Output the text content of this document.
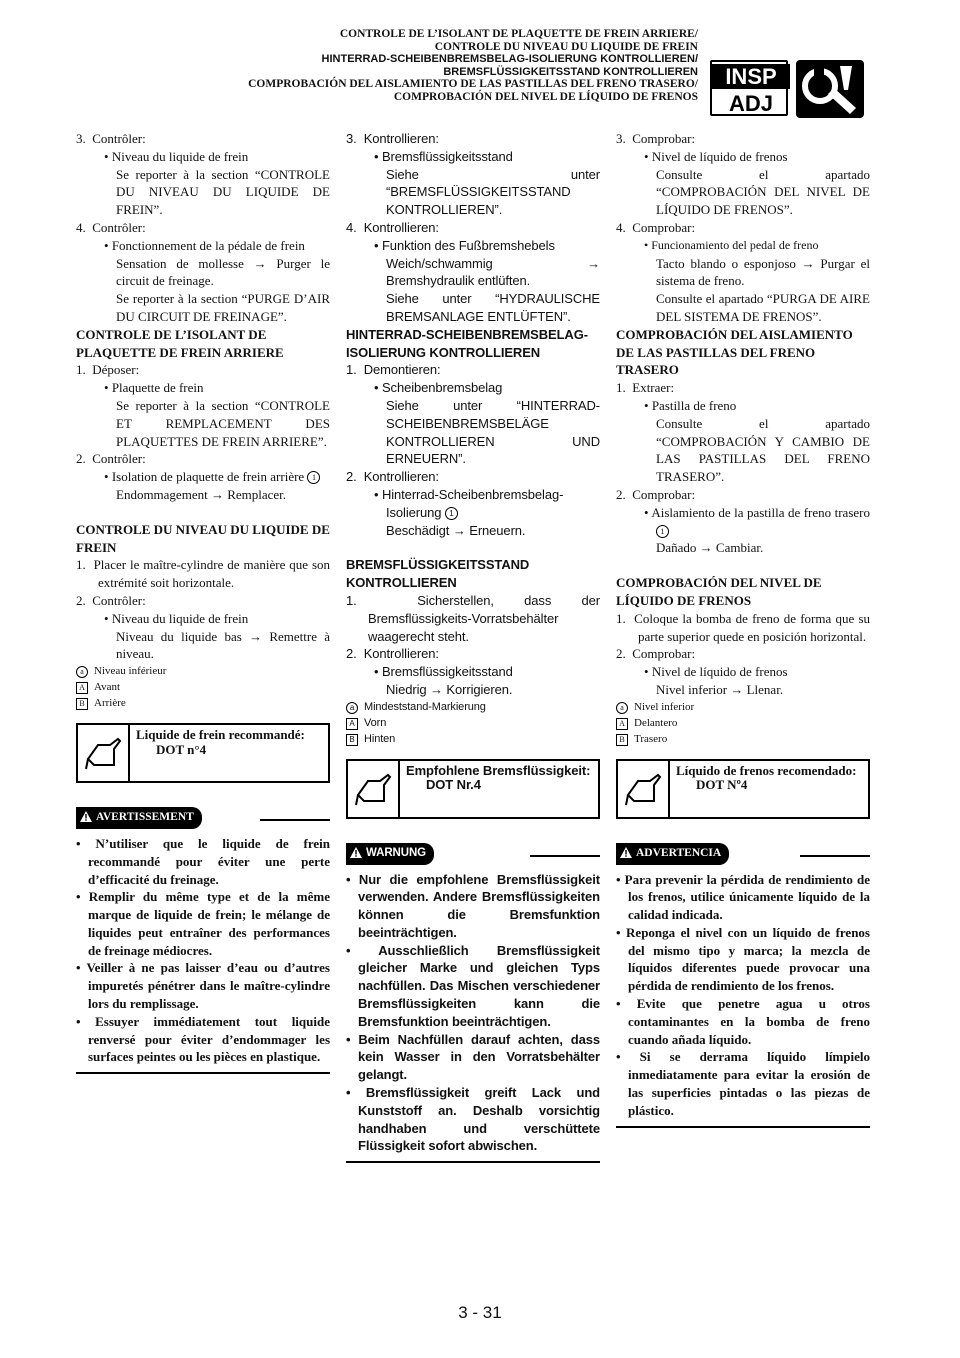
CONTROLE DE L’ISOLANT DE PLAQUETTE DE FREIN ARRIERE/
CONTROLE DU NIVEAU DU LIQUIDE DE FREIN
HINTERRAD-SCHEIBENBREMSBELAG-ISOLIERUNG KONTROLLIEREN/
BREMSFLÜSSIGKEITSSTAND KONTROLLIEREN
COMPROBACIÓN DEL AISLAMIENTO DE LAS PASTILLAS DEL FRENO TRASERO/
COMPROBACIÓN DEL NIVEL DE LÍQUIDO DE FRENOS
INSP
ADJ

3. Contrôler:

• Niveau du liquide de frein

Se reporter à la section “CONTROLE DU NIVEAU DU LIQUIDE DE FREIN”.

4. Contrôler:

• Fonctionnement de la pédale de frein

Sensation de mollesse → Purger le circuit de freinage.

Se reporter à la section “PURGE D’AIR DU CIRCUIT DE FREINAGE”.

CONTROLE DE L’ISOLANT DE PLAQUETTE DE FREIN ARRIERE

1. Déposer:

• Plaquette de frein

Se reporter à la section “CONTROLE ET REMPLACEMENT DES PLAQUETTES DE FREIN ARRIERE”.

2. Contrôler:

• Isolation de plaquette de frein arrière 1

Endommagement → Remplacer.

CONTROLE DU NIVEAU DU LIQUIDE DE FREIN

1. Placer le maître-cylindre de manière que son extrémité soit horizontale.

2. Contrôler:

• Niveau du liquide de frein

Niveau du liquide bas → Remettre à niveau.

a Niveau inférieur
A Avant
B Arrière
Liquide de frein recommandé:
DOT n°4
AVERTISSEMENT

• N’utiliser que le liquide de frein recommandé pour éviter une perte d’efficacité du freinage.

• Remplir du même type et de la même marque de liquide de frein; le mélange de liquides peut entraîner des performances de freinage médiocres.

• Veiller à ne pas laisser d’eau ou d’autres impuretés pénétrer dans le maître-cylindre lors du remplissage.

• Essuyer immédiatement tout liquide renversé pour éviter d’endommager les surfaces peintes ou les pièces en plastique.

3. Kontrollieren:

• Bremsflüssigkeitsstand

Siehe unter “BREMSFLÜSSIGKEITSSTAND KONTROLLIEREN”.

4. Kontrollieren:

• Funktion des Fußbremshebels

Weich/schwammig → Bremshydraulik entlüften.

Siehe unter “HYDRAULISCHE BREMSANLAGE ENTLÜFTEN”.

HINTERRAD-SCHEIBENBREMSBELAG-ISOLIERUNG KONTROLLIEREN

1. Demontieren:

• Scheibenbremsbelag

Siehe unter “HINTERRAD-SCHEIBENBREMSBELÄGE KONTROLLIEREN UND ERNEUERN”.

2. Kontrollieren:

• Hinterrad-Scheibenbremsbelag-Isolierung 1

Beschädigt → Erneuern.

BREMSFLÜSSIGKEITSSTAND KONTROLLIEREN

1.	Sicherstellen, dass der Bremsflüssigkeits-Vorratsbehälter waagerecht steht.

2. Kontrollieren:

• Bremsflüssigkeitsstand

Niedrig → Korrigieren.

a Mindeststand-Markierung
A Vorn
B Hinten
Empfohlene Bremsflüssigkeit:
DOT Nr.4
WARNUNG

• Nur die empfohlene Bremsflüssigkeit verwenden. Andere Bremsflüssigkeiten können die Bremsfunktion beeinträchtigen.

• Ausschließlich Bremsflüssigkeit gleicher Marke und gleichen Typs nachfüllen. Das Mischen verschiedener Bremsflüssigkeiten kann die Bremsfunktion beeinträchtigen.

• Beim Nachfüllen darauf achten, dass kein Wasser in den Vorratsbehälter gelangt.

• Bremsflüssigkeit greift Lack und Kunststoff an. Deshalb vorsichtig handhaben und verschüttete Flüssigkeit sofort abwischen.

3. Comprobar:

• Nivel de líquido de frenos

Consulte el apartado “COMPROBACIÓN DEL NIVEL DE LÍQUIDO DE FRENOS”.

4. Comprobar:

• Funcionamiento del pedal de freno

Tacto blando o esponjoso → Purgar el sistema de freno.

Consulte el apartado “PURGA DE AIRE DEL SISTEMA DE FRENOS”.

COMPROBACIÓN DEL AISLAMIENTO DE LAS PASTILLAS DEL FRENO TRASERO

1. Extraer:

• Pastilla de freno

Consulte el apartado “COMPROBACIÓN Y CAMBIO DE LAS PASTILLAS DEL FRENO TRASERO”.

2. Comprobar:

• Aislamiento de la pastilla de freno trasero 1

Dañado → Cambiar.

COMPROBACIÓN DEL NIVEL DE LÍQUIDO DE FRENOS

1. Coloque la bomba de freno de forma que su parte superior quede en posición horizontal.

2. Comprobar:

• Nivel de líquido de frenos

Nivel inferior → Llenar.

a Nivel inferior
A Delantero
B Trasero
Líquido de frenos recomendado:
DOT Nº4
ADVERTENCIA

• Para prevenir la pérdida de rendimiento de los frenos, utilice únicamente líquido de la calidad indicada.

• Reponga el nivel con un líquido de frenos del mismo tipo y marca; la mezcla de líquidos diferentes puede provocar una pérdida de rendimiento de los frenos.

• Evite que penetre agua u otros contaminantes en la bomba de freno cuando añada líquido.

• Si se derrama líquido límpielo inmediatamente para evitar la erosión de las superficies pintadas o las piezas de plástico.

3 - 31
